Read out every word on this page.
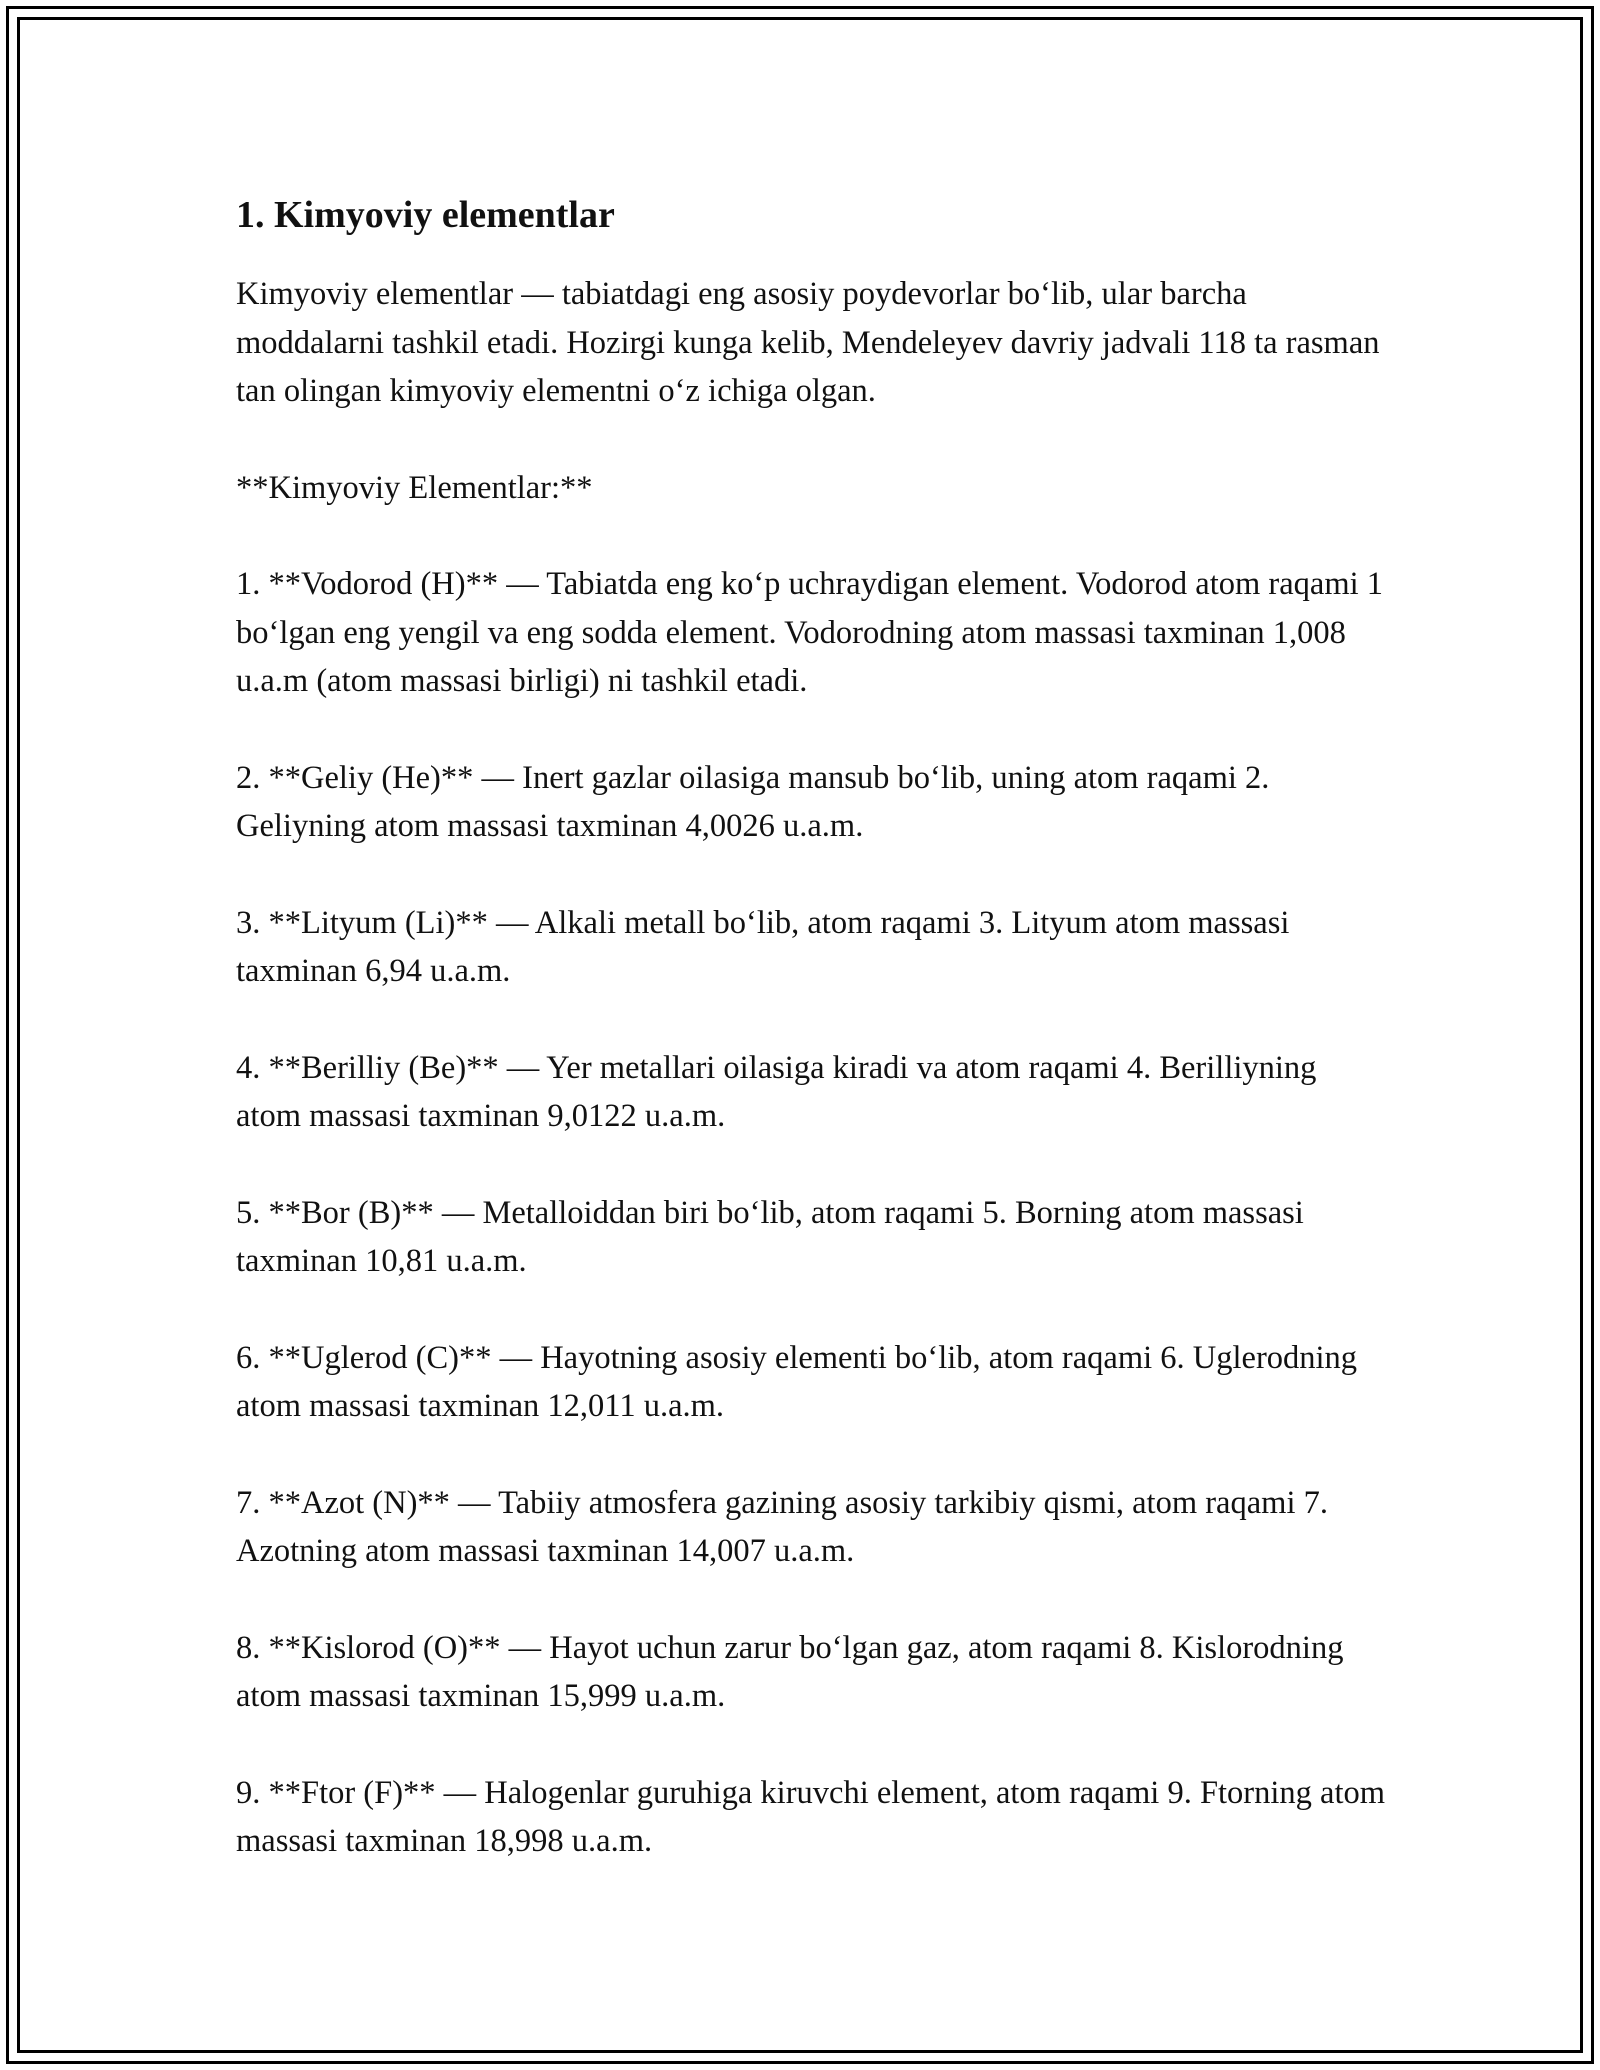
1. Kimyoviy elementlar

Kimyoviy elementlar — tabiatdagi eng asosiy poydevorlar bo‘lib, ular barcha moddalarni tashkil etadi. Hozirgi kunga kelib, Mendeleyev davriy jadvali 118 ta rasman tan olingan kimyoviy elementni o‘z ichiga olgan.

**Kimyoviy Elementlar:**

1. **Vodorod (H)** — Tabiatda eng ko‘p uchraydigan element. Vodorod atom raqami 1 bo‘lgan eng yengil va eng sodda element. Vodorodning atom massasi taxminan 1,008 u.a.m (atom massasi birligi) ni tashkil etadi.

2. **Geliy (He)** — Inert gazlar oilasiga mansub bo‘lib, uning atom raqami 2. Geliyning atom massasi taxminan 4,0026 u.a.m.

3. **Lityum (Li)** — Alkali metall bo‘lib, atom raqami 3. Lityum atom massasi taxminan 6,94 u.a.m.

4. **Berilliy (Be)** — Yer metallari oilasiga kiradi va atom raqami 4. Berilliyning atom massasi taxminan 9,0122 u.a.m.

5. **Bor (B)** — Metalloiddan biri bo‘lib, atom raqami 5. Borning atom massasi taxminan 10,81 u.a.m.

6. **Uglerod (C)** — Hayotning asosiy elementi bo‘lib, atom raqami 6. Uglerodning atom massasi taxminan 12,011 u.a.m.

7. **Azot (N)** — Tabiiy atmosfera gazining asosiy tarkibiy qismi, atom raqami 7. Azotning atom massasi taxminan 14,007 u.a.m.

8. **Kislorod (O)** — Hayot uchun zarur bo‘lgan gaz, atom raqami 8. Kislorodning atom massasi taxminan 15,999 u.a.m.

9. **Ftor (F)** — Halogenlar guruhiga kiruvchi element, atom raqami 9. Ftorning atom massasi taxminan 18,998 u.a.m.
